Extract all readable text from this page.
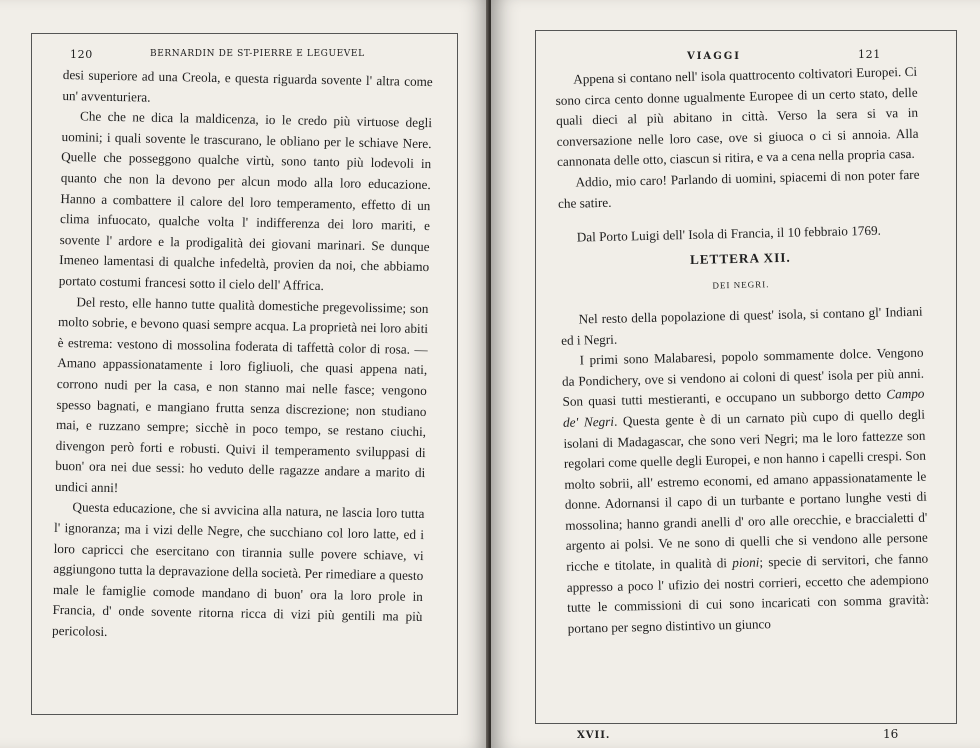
120	BERNARDIN DE ST-PIERRE E LEGUEVEL

desi superiore ad una Creola, e questa riguarda sovente l' altra come un' avventuriera.

Che che ne dica la maldicenza, io le credo più virtuose degli uomini; i quali sovente le trascurano, le obliano per le schiave Nere. Quelle che posseggono qualche virtù, sono tanto più lodevoli in quanto che non la devono per alcun modo alla loro educazione. Hanno a combattere il calore del loro temperamento, effetto di un clima infuocato, qualche volta l' indifferenza dei loro mariti, e sovente l' ardore e la prodigalità dei giovani marinari. Se dunque Imeneo lamentasi di qualche infedeltà, provien da noi, che abbiamo portato costumi francesi sotto il cielo dell' Affrica.

Del resto, elle hanno tutte qualità domestiche pregevolissime; son molto sobrie, e bevono quasi sempre acqua. La proprietà nei loro abiti è estrema: vestono di mossolina foderata di taffettà color di rosa. — Amano appassionatamente i loro figliuoli, che quasi appena nati, corrono nudi per la casa, e non stanno mai nelle fasce; vengono spesso bagnati, e mangiano frutta senza discrezione; non studiano mai, e ruzzano sempre; sicchè in poco tempo, se restano ciuchi, divengon però forti e robusti. Quivi il temperamento sviluppasi di buon' ora nei due sessi: ho veduto delle ragazze andare a marito di undici anni!

Questa educazione, che si avvicina alla natura, ne lascia loro tutta l' ignoranza; ma i vizi delle Negre, che succhiano col loro latte, ed i loro capricci che esercitano con tirannia sulle povere schiave, vi aggiungono tutta la depravazione della società. Per rimediare a questo male le famiglie comode mandano di buon' ora la loro prole in Francia, d' onde sovente ritorna ricca di vizi più gentili ma più pericolosi.

VIAGGI	121

Appena si contano nell' isola quattrocento coltivatori Europei. Ci sono circa cento donne ugualmente Europee di un certo stato, delle quali dieci al più abitano in città. Verso la sera si va in conversazione nelle loro case, ove si giuoca o ci si annoia. Alla cannonata delle otto, ciascun si ritira, e va a cena nella propria casa.

Addio, mio caro! Parlando di uomini, spiacemi di non poter fare che satire.

Dal Porto Luigi dell' Isola di Francia, il 10 febbraio 1769.

LETTERA XII.

DEI NEGRI.

Nel resto della popolazione di quest' isola, si contano gl' Indiani ed i Negri.

I primi sono Malabaresi, popolo sommamente dolce. Vengono da Pondichery, ove si vendono ai coloni di quest' isola per più anni. Son quasi tutti mestieranti, e occupano un subborgo detto Campo de' Negri. Questa gente è di un carnato più cupo di quello degli isolani di Madagascar, che sono veri Negri; ma le loro fattezze son regolari come quelle degli Europei, e non hanno i capelli crespi. Son molto sobrii, all' estremo economi, ed amano appassionatamente le donne. Adornansi il capo di un turbante e portano lunghe vesti di mossolina; hanno grandi anelli d' oro alle orecchie, e braccialetti d' argento ai polsi. Ve ne sono di quelli che si vendono alle persone ricche e titolate, in qualità di pioni; specie di servitori, che fanno appresso a poco l' ufizio dei nostri corrieri, eccetto che adempiono tutte le commissioni di cui sono incaricati con somma gravità: portano per segno distintivo un giunco

XVII.	16
